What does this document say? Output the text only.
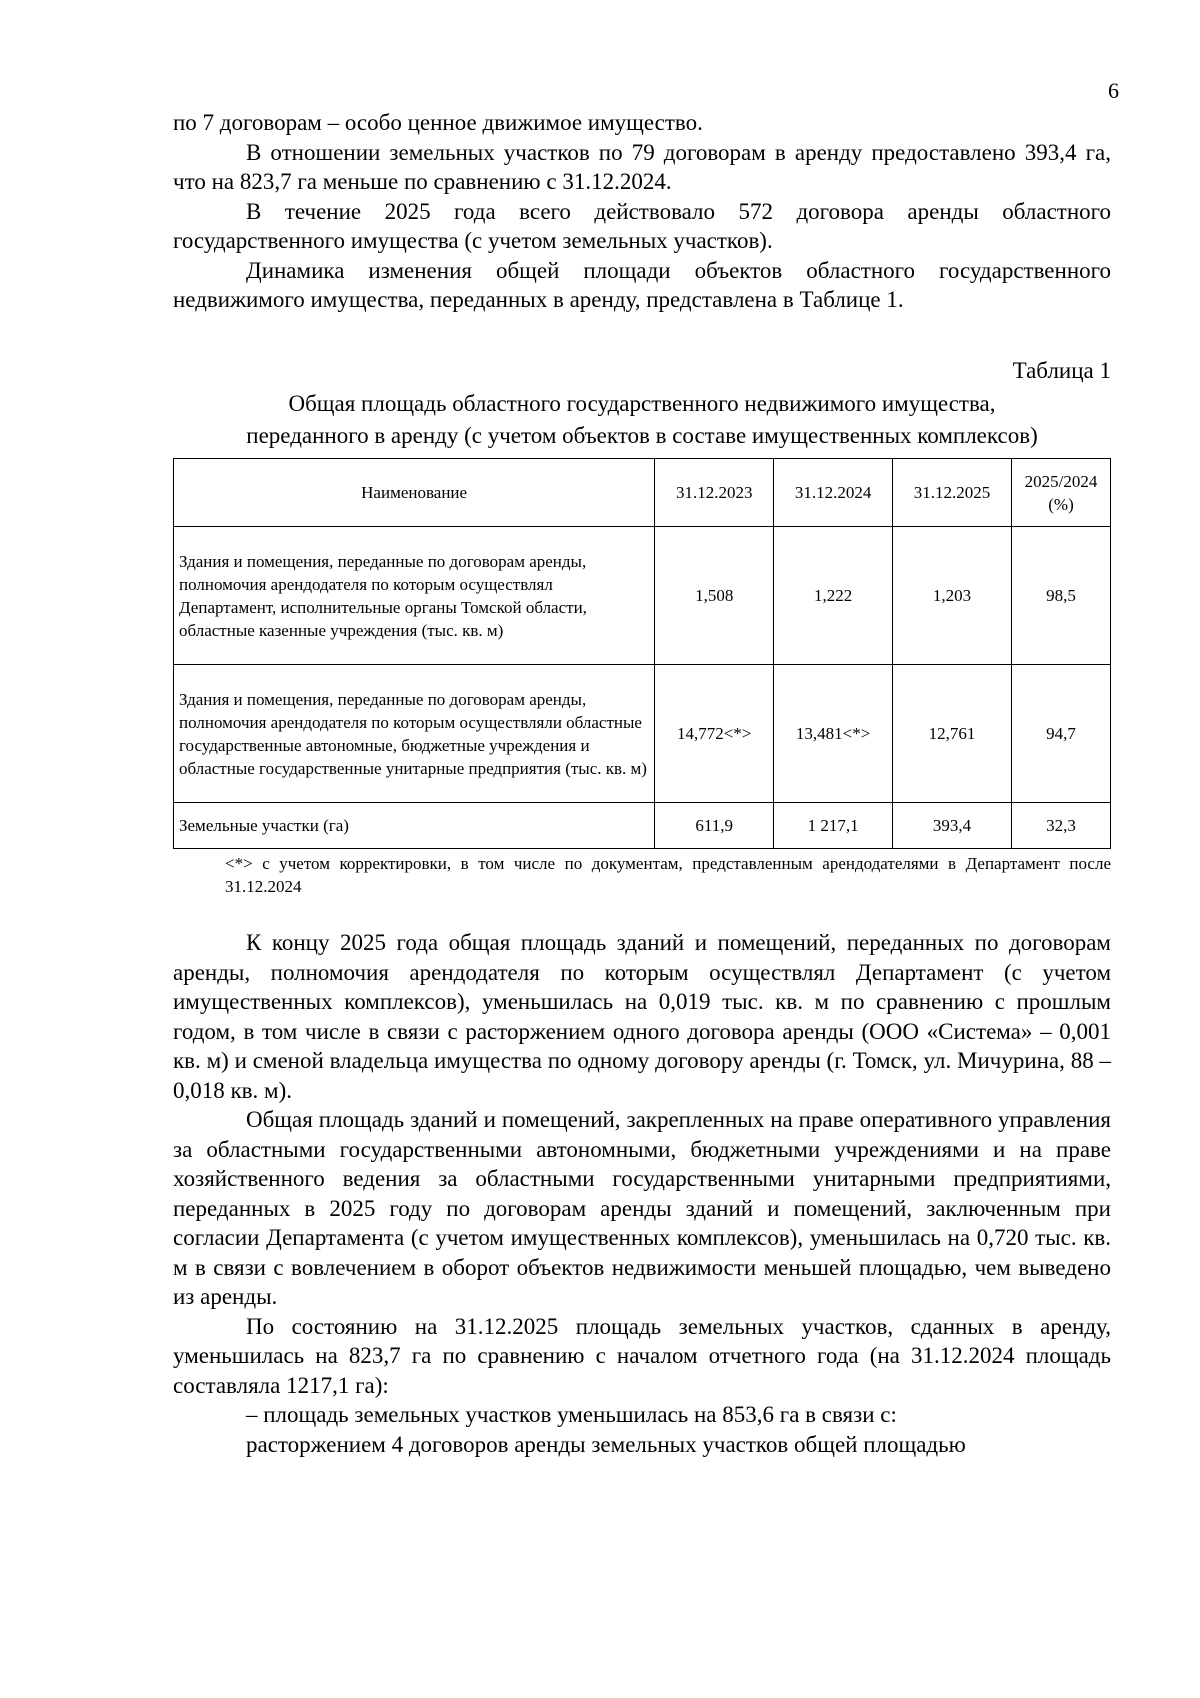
6

по 7 договорам – особо ценное движимое имущество.

В отношении земельных участков по 79 договорам в аренду предоставлено 393,4 га, что на 823,7 га меньше по сравнению с 31.12.2024.

В течение 2025 года всего действовало 572 договора аренды областного государственного имущества (с учетом земельных участков).

Динамика изменения общей площади объектов областного государственного недвижимого имущества, переданных в аренду, представлена в Таблице 1.

Таблица 1
Общая площадь областного государственного недвижимого имущества,
переданного в аренду (с учетом объектов в составе имущественных комплексов)
Наименование	31.12.2023	31.12.2024	31.12.2025	2025/2024
(%)

Здания и помещения, переданные по договорам аренды, полномочия арендодателя по которым осуществлял Департамент, исполнительные органы Томской области, областные казенные учреждения (тыс. кв. м)	1,508	1,222	1,203	98,5
Здания и помещения, переданные по договорам аренды, полномочия арендодателя по которым осуществляли областные государственные автономные, бюджетные учреждения и областные государственные унитарные предприятия (тыс. кв. м)	14,772<*>	13,481<*>	12,761	94,7
Земельные участки (га)	611,9	1 217,1	393,4	32,3
<*> с учетом корректировки, в том числе по документам, представленным арендодателями в Департамент после 31.12.2024

К концу 2025 года общая площадь зданий и помещений, переданных по договорам аренды, полномочия арендодателя по которым осуществлял Департамент (с учетом имущественных комплексов), уменьшилась на 0,019 тыс. кв. м по сравнению с прошлым годом, в том числе в связи с расторжением одного договора аренды (ООО «Система» – 0,001 кв. м) и сменой владельца имущества по одному договору аренды (г. Томск, ул. Мичурина, 88 – 0,018 кв. м).

Общая площадь зданий и помещений, закрепленных на праве оперативного управления за областными государственными автономными, бюджетными учреждениями и на праве хозяйственного ведения за областными государственными унитарными предприятиями, переданных в 2025 году по договорам аренды зданий и помещений, заключенным при согласии Департамента (с учетом имущественных комплексов), уменьшилась на 0,720 тыс. кв. м в связи с вовлечением в оборот объектов недвижимости меньшей площадью, чем выведено из аренды.

По состоянию на 31.12.2025 площадь земельных участков, сданных в аренду, уменьшилась на 823,7 га по сравнению с началом отчетного года (на 31.12.2024 площадь составляла 1217,1 га):

– площадь земельных участков уменьшилась на 853,6 га в связи с:

расторжением 4 договоров аренды земельных участков общей площадью
